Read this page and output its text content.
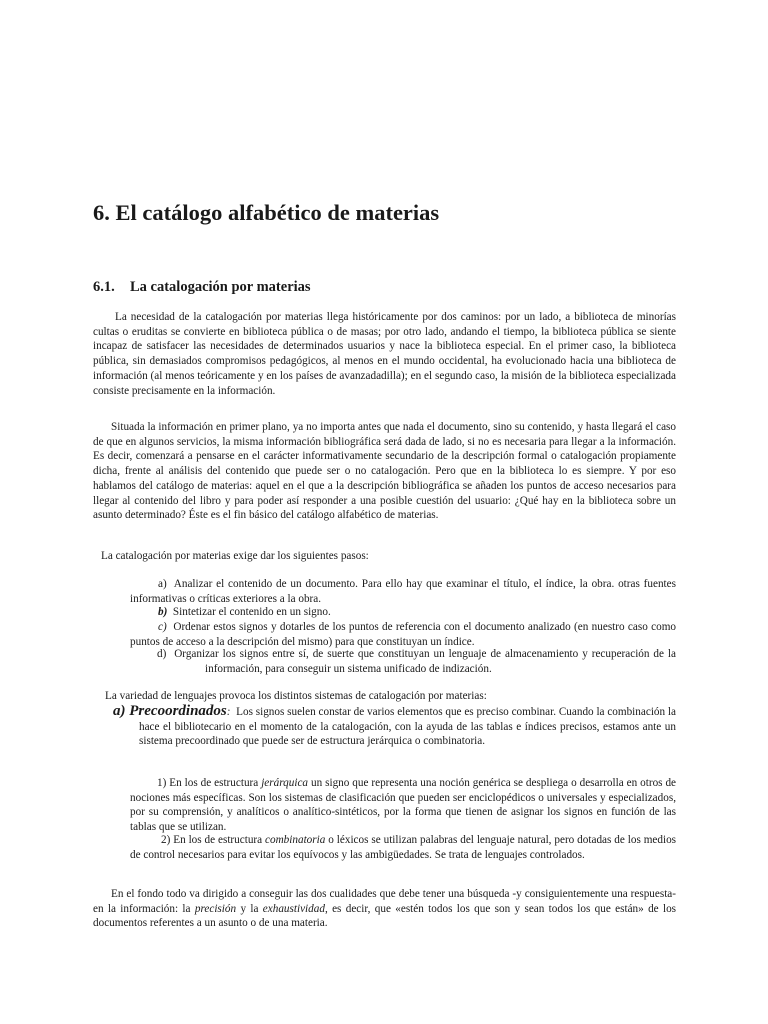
6. El catálogo alfabético de materias
6.1. La catalogación por materias

La necesidad de la catalogación por materias llega históricamente por dos caminos: por un lado, a biblioteca de minorías cultas o eruditas se convierte en biblioteca pública o de masas; por otro lado, andando el tiempo, la biblioteca pública se siente incapaz de satisfacer las necesidades de determinados usuarios y nace la biblioteca especial. En el primer caso, la biblioteca pública, sin demasiados compromisos pedagógicos, al menos en el mundo occidental, ha evolucionado hacia una biblioteca de información (al menos teóricamente y en los países de avanzadadilla); en el segundo caso, la misión de la biblioteca especializada consiste precisamente en la información.

Situada la información en primer plano, ya no importa antes que nada el documento, sino su contenido, y hasta llegará el caso de que en algunos servicios, la misma información bibliográfica será dada de lado, si no es necesaria para llegar a la información. Es decir, comenzará a pensarse en el carácter informativamente secundario de la descripción formal o catalogación propiamente dicha, frente al análisis del contenido que puede ser o no catalogación. Pero que en la biblioteca lo es siempre. Y por eso hablamos del catálogo de materias: aquel en el que a la descripción bibliográfica se añaden los puntos de acceso necesarios para llegar al contenido del libro y para poder así responder a una posible cuestión del usuario: ¿Qué hay en la biblioteca sobre un asunto determinado? Éste es el fin básico del catálogo alfabético de materias.

La catalogación por materias exige dar los siguientes pasos:

a) Analizar el contenido de un documento. Para ello hay que examinar el título, el índice, la obra. otras fuentes informativas o críticas exteriores a la obra.

b) Sintetizar el contenido en un signo.

c) Ordenar estos signos y dotarles de los puntos de referencia con el documento analizado (en nuestro caso como puntos de acceso a la descripción del mismo) para que constituyan un índice.

d) Organizar los signos entre sí, de suerte que constituyan un lenguaje de almacenamiento y recuperación de la información, para conseguir un sistema unificado de indización.

La variedad de lenguajes provoca los distintos sistemas de catalogación por materias:

a) Precoordinados: Los signos suelen constar de varios elementos que es preciso combinar. Cuando la combinación la hace el bibliotecario en el momento de la catalogación, con la ayuda de las tablas e índices precisos, estamos ante un sistema precoordinado que puede ser de estructura jerárquica o combinatoria.

1) En los de estructura jerárquica un signo que representa una noción genérica se despliega o desarrolla en otros de nociones más específicas. Son los sistemas de clasificación que pueden ser enciclopédicos o universales y especializados, por su comprensión, y analíticos o analítico-sintéticos, por la forma que tienen de asignar los signos en función de las tablas que se utilizan.

2) En los de estructura combinatoria o léxicos se utilizan palabras del lenguaje natural, pero dotadas de los medios de control necesarios para evitar los equívocos y las ambigüedades. Se trata de lenguajes controlados.

En el fondo todo va dirigido a conseguir las dos cualidades que debe tener una búsqueda -y consiguientemente una respuesta- en la información: la precisión y la exhaustividad, es decir, que «estén todos los que son y sean todos los que están» de los documentos referentes a un asunto o de una materia.
